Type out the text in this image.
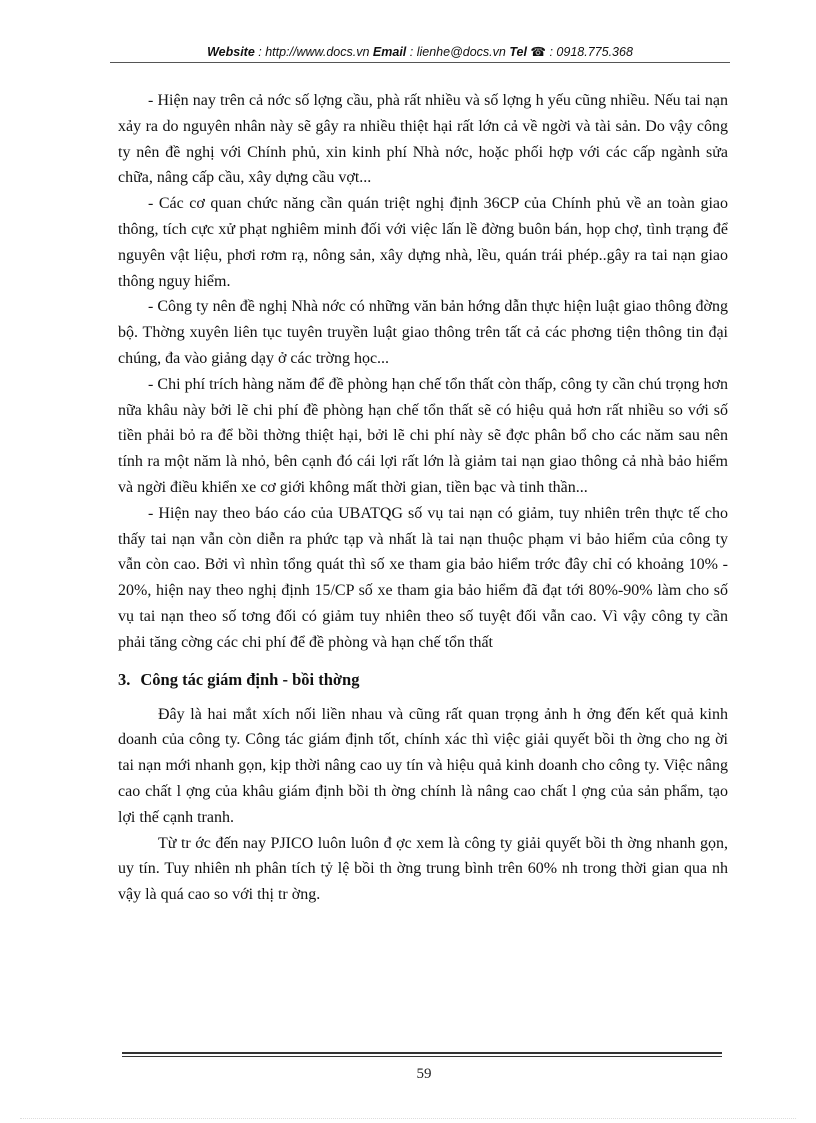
Website : http://www.docs.vn Email : lienhe@docs.vn Tel ☎ : 0918.775.368

- Hiện nay trên cả nớc số lợng cầu, phà rất nhiều và số lợng h yếu cũng nhiều. Nếu tai nạn xảy ra do nguyên nhân này sẽ gây ra nhiều thiệt hại rất lớn cả về ngời và tài sản. Do vậy công ty nên đề nghị với Chính phủ, xin kinh phí Nhà nớc, hoặc phối hợp với các cấp ngành sửa chữa, nâng cấp cầu, xây dựng cầu vợt...

- Các cơ quan chức năng cần quán triệt nghị định 36CP của Chính phủ về an toàn giao thông, tích cực xử phạt nghiêm minh đối với việc lấn lề đờng buôn bán, họp chợ, tình trạng để nguyên vật liệu, phơi rơm rạ, nông sản, xây dựng nhà, lều, quán trái phép..gây ra tai nạn giao thông nguy hiểm.

- Công ty nên đề nghị Nhà nớc có những văn bản hớng dẫn thực hiện luật giao thông đờng bộ. Thờng xuyên liên tục tuyên truyền luật giao thông trên tất cả các phơng tiện thông tin đại chúng, đa vào giảng dạy ở các trờng học...

- Chi phí trích hàng năm để đề phòng hạn chế tổn thất còn thấp, công ty cần chú trọng hơn nữa khâu này bởi lẽ chi phí đề phòng hạn chế tổn thất sẽ có hiệu quả hơn rất nhiều so với số tiền phải bỏ ra để bồi thờng thiệt hại, bởi lẽ chi phí này sẽ đợc phân bổ cho các năm sau nên tính ra một năm là nhỏ, bên cạnh đó cái lợi rất lớn là giảm tai nạn giao thông cả nhà bảo hiểm và ngời điều khiển xe cơ giới không mất thời gian, tiền bạc và tinh thần...

- Hiện nay theo báo cáo của UBATQG số vụ tai nạn có giảm, tuy nhiên trên thực tế cho thấy tai nạn vẫn còn diễn ra phức tạp và nhất là tai nạn thuộc phạm vi bảo hiểm của công ty vẫn còn cao. Bởi vì nhìn tổng quát thì số xe tham gia bảo hiểm trớc đây chỉ có khoảng 10% - 20%, hiện nay theo nghị định 15/CP số xe tham gia bảo hiểm đã đạt tới 80%-90% làm cho số vụ tai nạn theo số tơng đối có giảm tuy nhiên theo số tuyệt đối vẫn cao. Vì vậy công ty cần phải tăng cờng các chi phí để đề phòng và hạn chế tổn thất

3. Công tác giám định - bồi thờng

Đây là hai mắt xích nối liền nhau và cũng rất quan trọng ảnh h ởng đến kết quả kinh doanh của công ty. Công tác giám định tốt, chính xác thì việc giải quyết bồi th ờng cho ng ời tai nạn mới nhanh gọn, kịp thời nâng cao uy tín và hiệu quả kinh doanh cho công ty. Việc nâng cao chất l ợng của khâu giám định bồi th ờng chính là nâng cao chất l ợng của sản phẩm, tạo lợi thế cạnh tranh.

Từ tr ớc đến nay PJICO luôn luôn đ ợc xem là công ty giải quyết bồi th ờng nhanh gọn, uy tín. Tuy nhiên nh phân tích tỷ lệ bồi th ờng trung bình trên 60% nh trong thời gian qua nh vậy là quá cao so với thị tr ờng.

59
